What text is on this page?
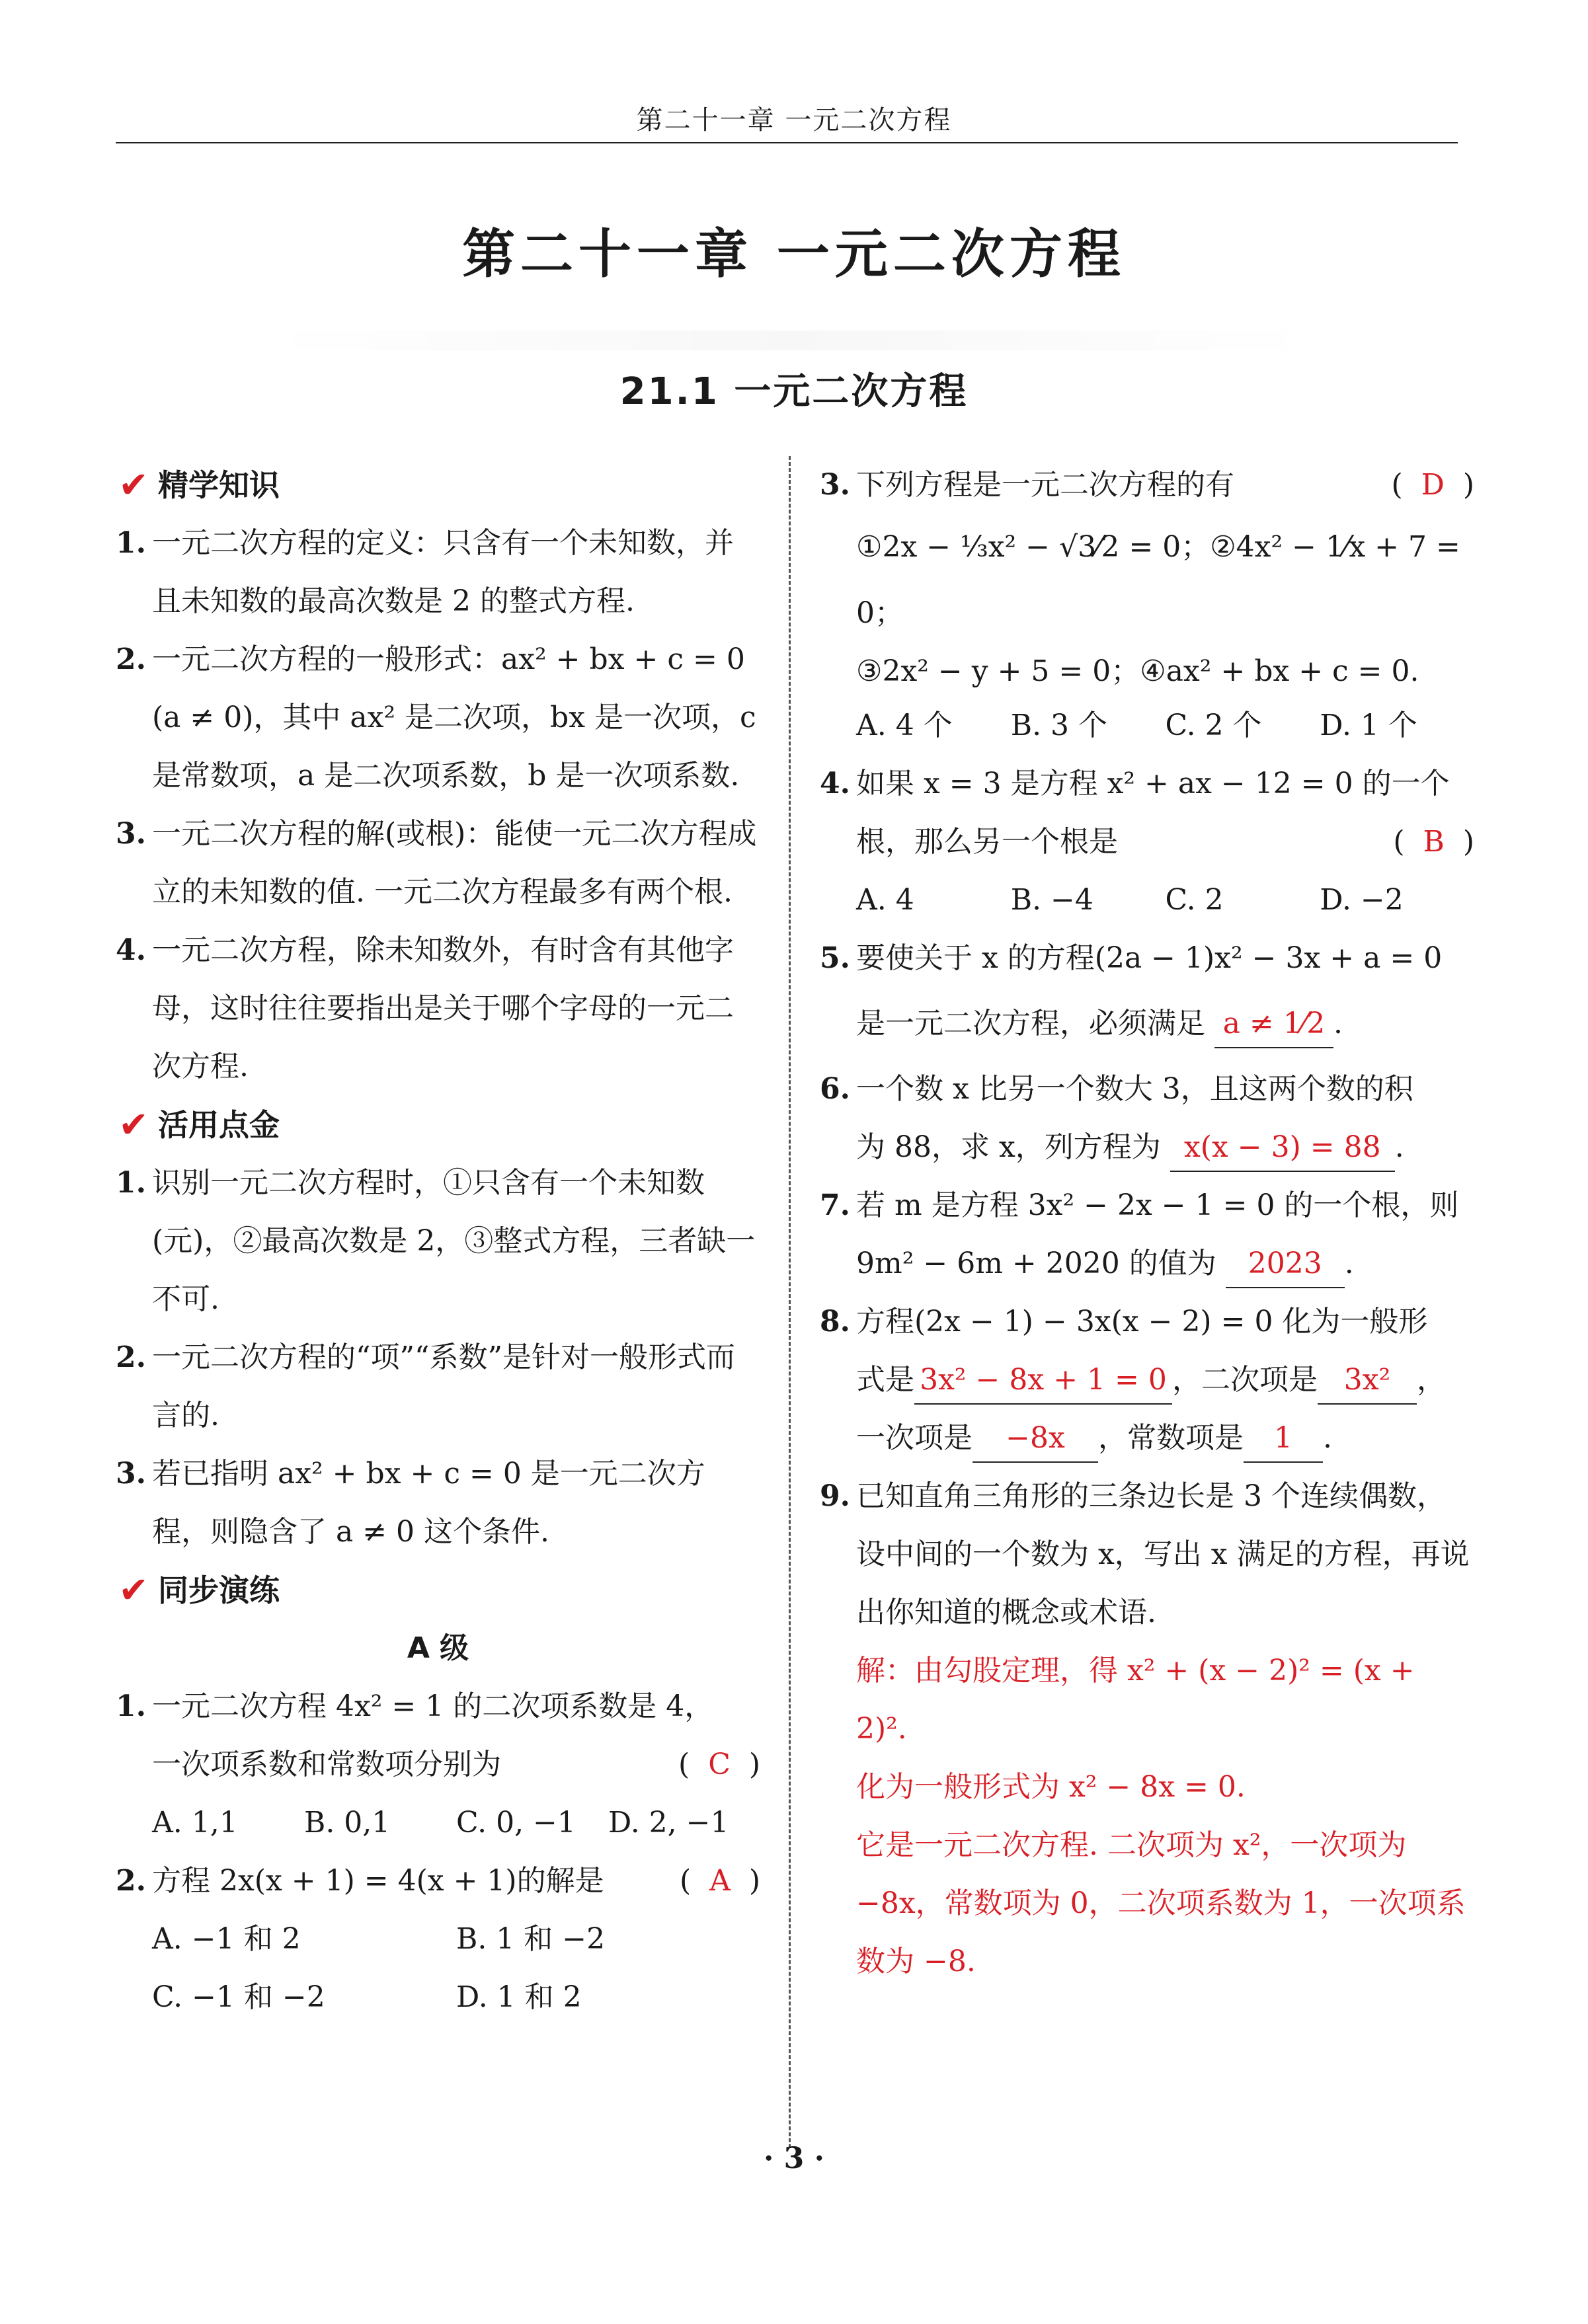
第二十一章 一元二次方程
第二十一章 一元二次方程
21.1 一元二次方程
✔ 精学知识
1. 一元二次方程的定义：只含有一个未知数，并且未知数的最高次数是 2 的整式方程.
2. 一元二次方程的一般形式：ax² + bx + c = 0 (a ≠ 0)，其中 ax² 是二次项，bx 是一次项，c 是常数项，a 是二次项系数，b 是一次项系数.
3. 一元二次方程的解(或根)：能使一元二次方程成立的未知数的值. 一元二次方程最多有两个根.
4. 一元二次方程，除未知数外，有时含有其他字母，这时往往要指出是关于哪个字母的一元二次方程.
✔ 活用点金
1. 识别一元二次方程时，①只含有一个未知数(元)，②最高次数是 2，③整式方程，三者缺一不可.
2. 一元二次方程的“项”“系数”是针对一般形式而言的.
3. 若已指明 ax² + bx + c = 0 是一元二次方程，则隐含了 a ≠ 0 这个条件.
✔ 同步演练
A 级
1. 一元二次方程 4x² = 1 的二次项系数是 4，
一次项系数和常数项分别为	(  C  )
A. 1,1	B. 0,1	C. 0, −1	D. 2, −1
2. 方程 2x(x + 1) = 4(x + 1)的解是	(  A  )
A. −1 和 2	B. 1 和 −2
C. −1 和 −2	D. 1 和 2
3. 下列方程是一元二次方程的有	(  D  )
①2x − ⅓x² − √3⁄2 = 0；②4x² − 1⁄x + 7 = 0；
③2x² − y + 5 = 0；④ax² + bx + c = 0.
A. 4 个	B. 3 个	C. 2 个	D. 1 个
4. 如果 x = 3 是方程 x² + ax − 12 = 0 的一个
根，那么另一个根是	(  B  )
A. 4	B. −4	C. 2	D. −2
5. 要使关于 x 的方程(2a − 1)x² − 3x + a = 0
是一元二次方程，必须满足 a ≠ 1⁄2 .
6. 一个数 x 比另一个数大 3，且这两个数的积
为 88，求 x，列方程为 x(x − 3) = 88 .
7. 若 m 是方程 3x² − 2x − 1 = 0 的一个根，则
9m² − 6m + 2020 的值为 2023 .
8. 方程(2x − 1) − 3x(x − 2) = 0 化为一般形
式是 3x² − 8x + 1 = 0 ，二次项是 3x² ，
一次项是 −8x ，常数项是 1 .
9. 已知直角三角形的三条边长是 3 个连续偶数，设中间的一个数为 x，写出 x 满足的方程，再说出你知道的概念或术语.
解：由勾股定理，得 x² + (x − 2)² = (x + 2)².
化为一般形式为 x² − 8x = 0.
它是一元二次方程. 二次项为 x²，一次项为 −8x，常数项为 0，二次项系数为 1，一次项系数为 −8.
· 3 ·
